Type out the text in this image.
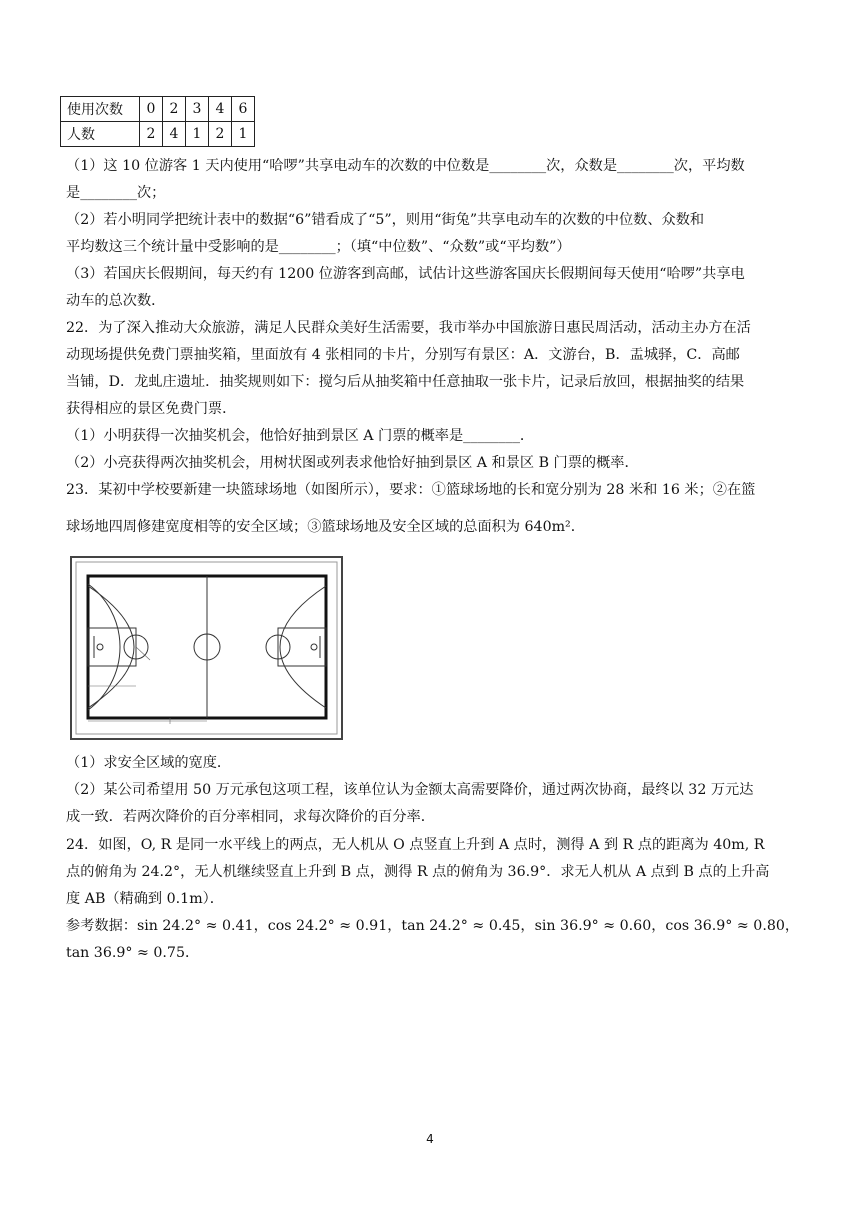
使用次数	0	2	3	4	6
人数	2	4	1	2	1
（1）这 10 位游客 1 天内使用“哈啰”共享电动车的次数的中位数是________次，众数是________次，平均数
是________次；
（2）若小明同学把统计表中的数据“6”错看成了“5”，则用“街兔”共享电动车的次数的中位数、众数和
平均数这三个统计量中受影响的是________；（填“中位数”、“众数”或“平均数”）
（3）若国庆长假期间，每天约有 1200 位游客到高邮，试估计这些游客国庆长假期间每天使用“哈啰”共享电
动车的总次数．
22．为了深入推动大众旅游，满足人民群众美好生活需要，我市举办中国旅游日惠民周活动，活动主办方在活
动现场提供免费门票抽奖箱，里面放有 4 张相同的卡片，分别写有景区：A．文游台，B．盂城驿，C．高邮
当铺，D．龙虬庄遗址．抽奖规则如下：搅匀后从抽奖箱中任意抽取一张卡片，记录后放回，根据抽奖的结果
获得相应的景区免费门票．
（1）小明获得一次抽奖机会，他恰好抽到景区 A 门票的概率是________．
（2）小亮获得两次抽奖机会，用树状图或列表求他恰好抽到景区 A 和景区 B 门票的概率．
23．某初中学校要新建一块篮球场地（如图所示），要求：①篮球场地的长和宽分别为 28 米和 16 米；②在篮
球场地四周修建宽度相等的安全区域；③篮球场地及安全区域的总面积为 640m²．
（1）求安全区域的宽度．
（2）某公司希望用 50 万元承包这项工程，该单位认为金额太高需要降价，通过两次协商，最终以 32 万元达
成一致．若两次降价的百分率相同，求每次降价的百分率．
24．如图，O, R 是同一水平线上的两点，无人机从 O 点竖直上升到 A 点时，测得 A 到 R 点的距离为 40m, R
点的俯角为 24.2°，无人机继续竖直上升到 B 点，测得 R 点的俯角为 36.9°．求无人机从 A 点到 B 点的上升高
度 AB（精确到 0.1m）．
参考数据：sin 24.2° ≈ 0.41，cos 24.2° ≈ 0.91，tan 24.2° ≈ 0.45，sin 36.9° ≈ 0.60，cos 36.9° ≈ 0.80，
tan 36.9° ≈ 0.75．
4
